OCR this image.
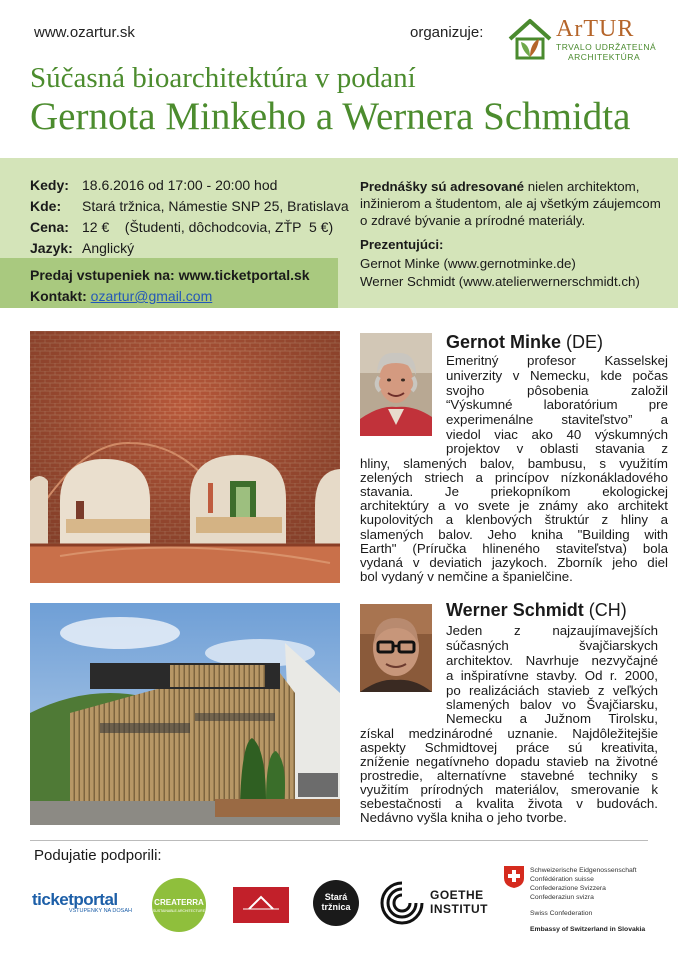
www.ozartur.sk	organizuje:	ArTUR
TRVALO UDRŽATEĽNÁ
ARCHITEKTÚRA
Súčasná bioarchitektúra v podaní
Gernota Minkeho a Wernera Schmidta
Kedy: 18.6.2016 od 17:00 - 20:00 hod
Kde:	Stará tržnica, Námestie SNP 25, Bratislava
Cena: 12 €    (Študenti, dôchodcovia, ZŤP  5 €)
Jazyk: Anglický
Predaj vstupeniek na: www.ticketportal.sk
Kontakt: ozartur@gmail.com
Prednášky sú adresované nielen architektom,
inžinierom a študentom, ale aj všetkým záujemcom
o zdravé bývanie a prírodné materiály.
Prezentujúci:
Gernot Minke (www.gernotminke.de)
Werner Schmidt (www.atelierwernerschmidt.ch)
Gernot Minke (DE)
Emeritný profesor Kasselskej
univerzity v Nemecku, kde počas
svojho pôsobenia založil
“Výskumné laboratórium pre
experimenálne staviteľstvo” a
viedol viac ako 40 výskumných
projektov v oblasti stavania z
hliny, slamených balov, bambusu, s využitím
zelených striech a princípov nízkonákladového
stavania. Je priekopníkom ekologickej
architektúry a vo svete je známy ako architekt
kupolovitých a klenbových štruktúr z hliny a
slamených balov. Jeho kniha "Building with
Earth" (Príručka hlineného staviteľstva) bola
vydaná v deviatich jazykoch. Zborník jeho diel
bol vydaný v nemčine a španielčine.
Werner Schmidt (CH)
Jeden z najzaujímavejších
súčasných švajčiarskych
architektov. Navrhuje nezvyčajné
a inšpiratívne stavby. Od r. 2000,
po realizáciách stavieb z veľkých
slamených balov vo Švajčiarsku,
Nemecku a Južnom Tirolsku,
získal medzinárodné uznanie. Najdôležitejšie
aspekty Schmidtovej práce sú kreativita,
zníženie negatívneho dopadu stavieb na životné
prostredie, alternatívne stavebné techniky s
využitím prírodných materiálov, smerovanie k
sebestačnosti a kvalita života v budovách.
Nedávno vyšla kniha o jeho tvorbe.
Podujatie podporili:
ticketportal
VSTUPENKY NA DOSAH
CREATERRA
SUSTAINABLE ARCHITECTURE
Stará tržnica
GOETHE
INSTITUT
Schweizerische Eidgenossenschaft
Confédération suisse
Confederazione Svizzera
Confederaziun svizra
Swiss Confederation
Embassy of Switzerland in Slovakia
